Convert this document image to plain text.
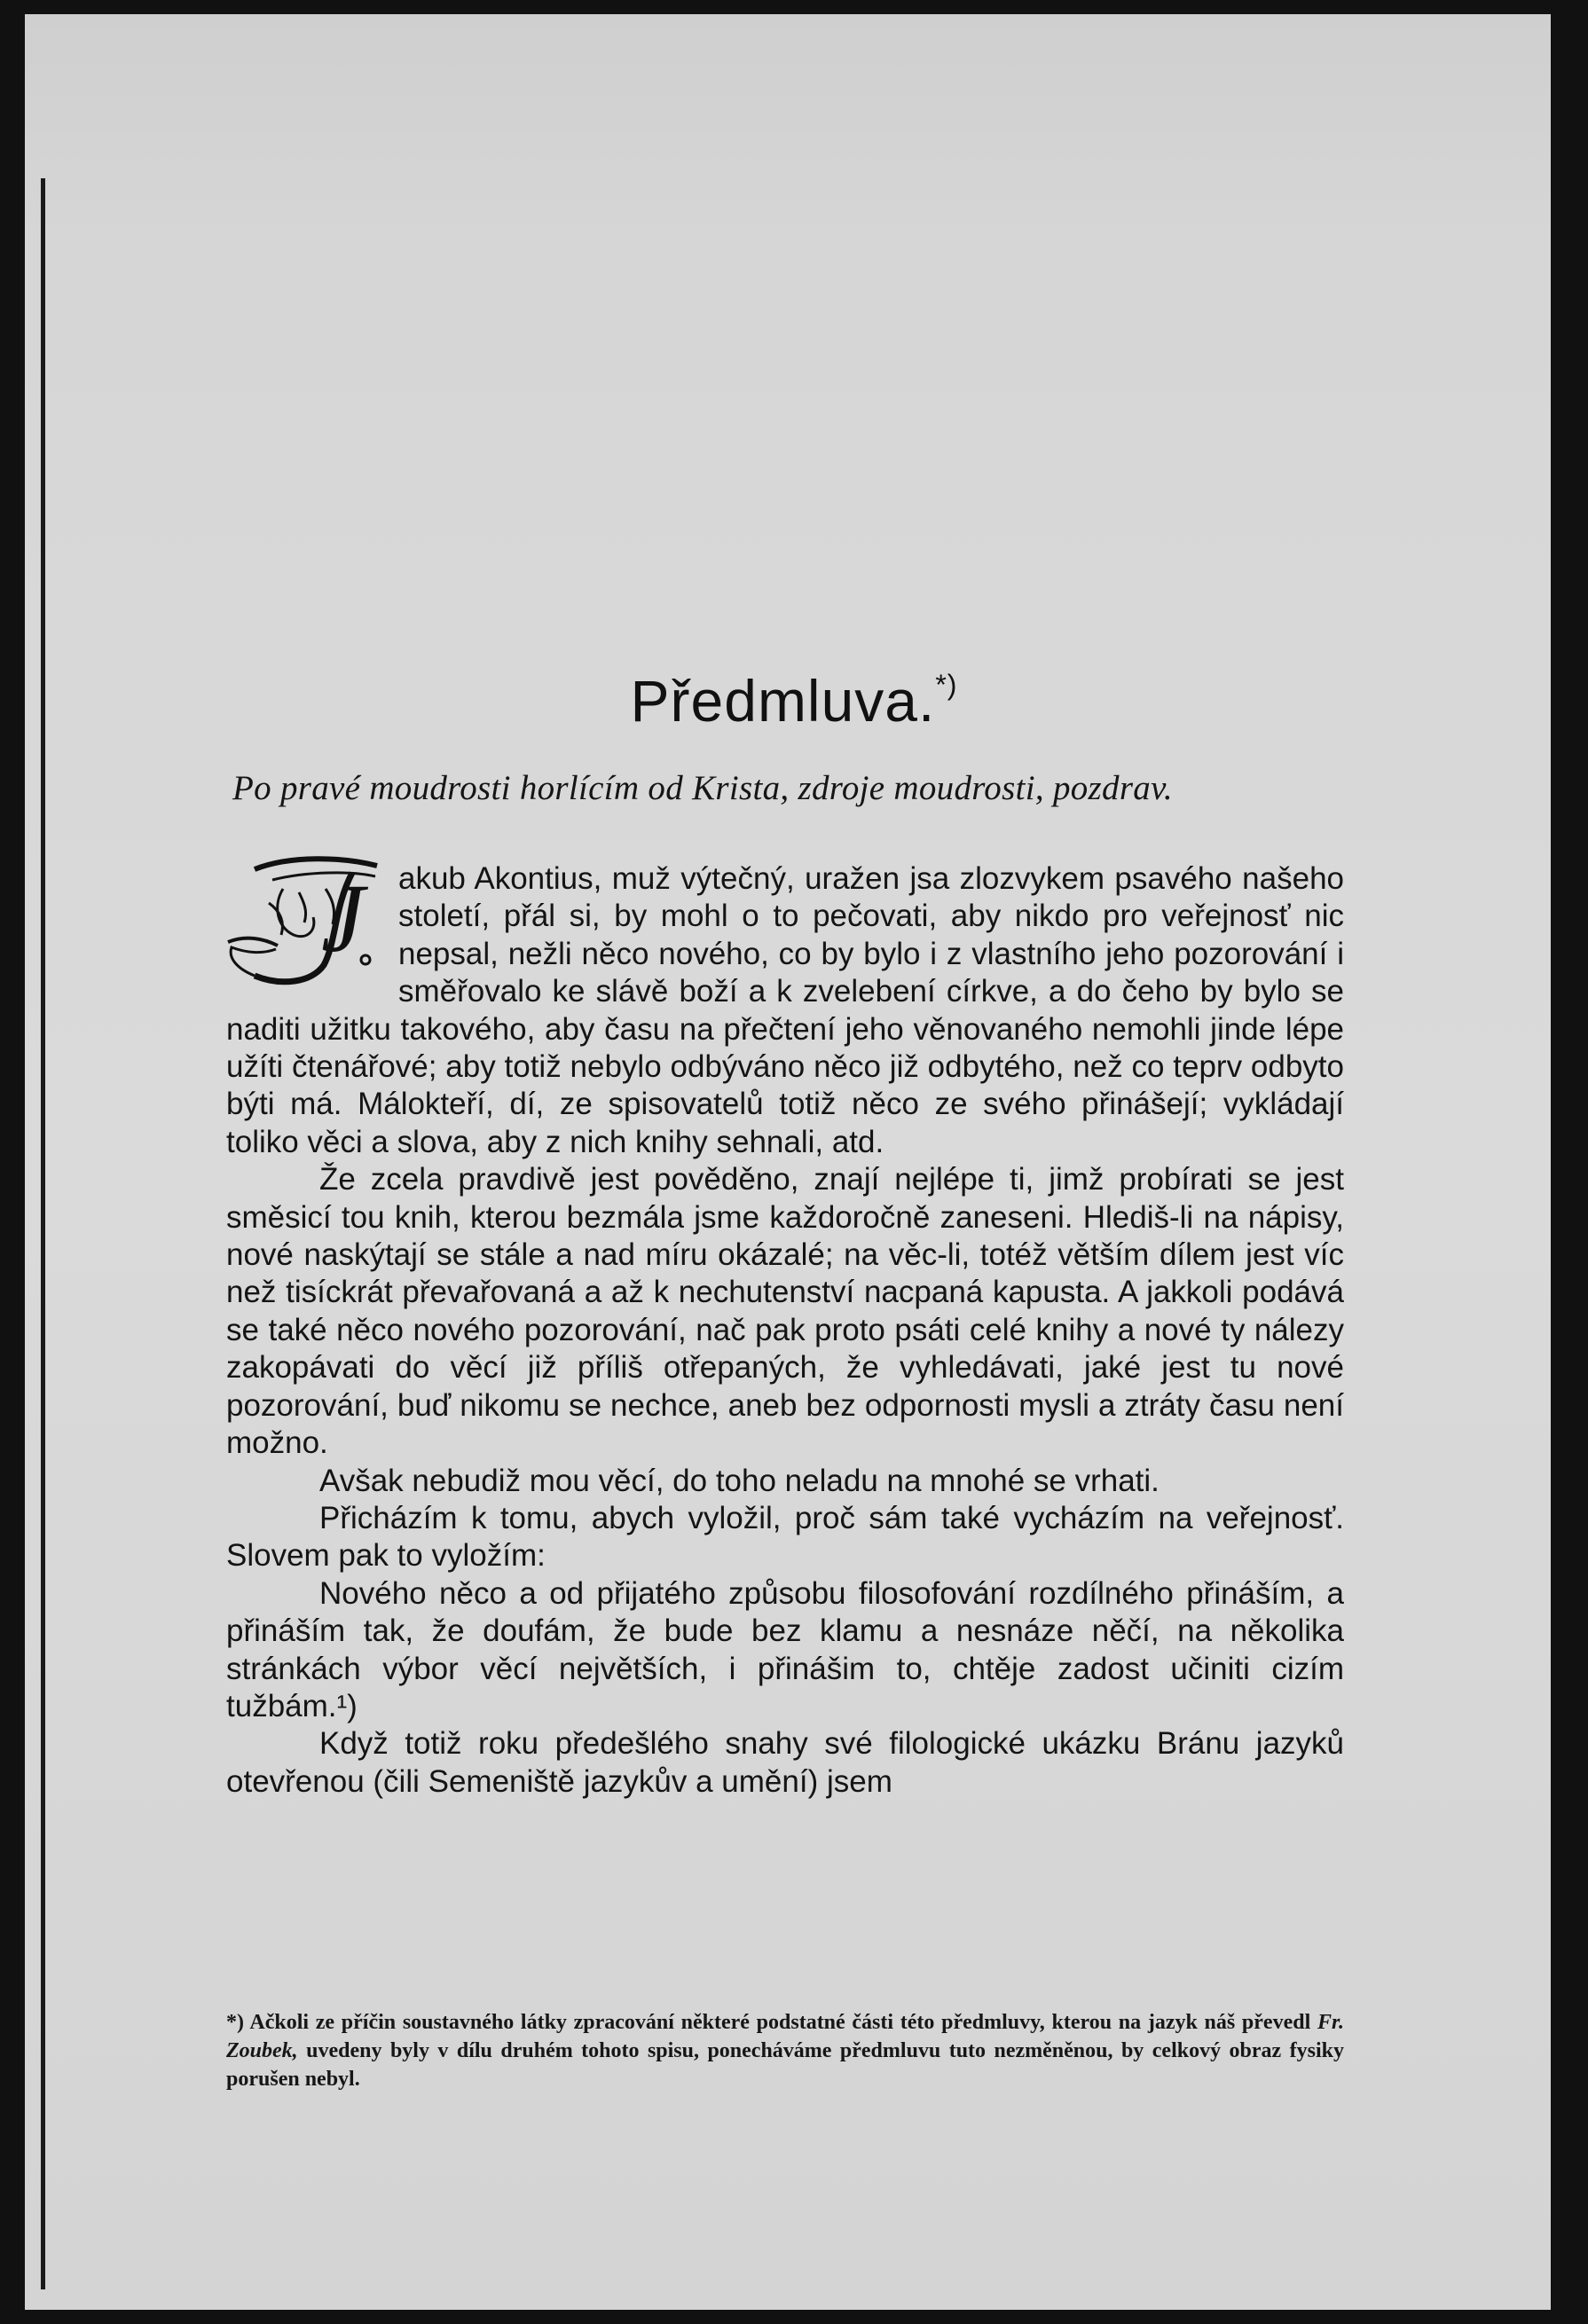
Předmluva.*)
Po pravé moudrosti horlícím od Krista, zdroje moudrosti, pozdrav.

J akub Akontius, muž výtečný, uražen jsa zlozvykem psavého našeho století, přál si, by mohl o to pečovati, aby nikdo pro veřejnosť nic nepsal, nežli něco nového, co by bylo i z vlastního jeho pozorování i směřovalo ke slávě boží a k zvelebení církve, a do čeho by bylo se naditi užitku takového, aby času na přečtení jeho věnovaného nemohli jinde lépe užíti čtenářové; aby totiž nebylo odbýváno něco již odbytého, než co teprv odbyto býti má. Málokteří, dí, ze spisovatelů totiž něco ze svého přinášejí; vykládají toliko věci a slova, aby z nich knihy sehnali, atd.

Že zcela pravdivě jest pověděno, znají nejlépe ti, jimž probírati se jest směsicí tou knih, kterou bezmála jsme každoročně zaneseni. Hlediš-li na nápisy, nové naskýtají se stále a nad míru okázalé; na věc-li, totéž větším dílem jest víc než tisíckrát převařovaná a až k nechutenství nacpaná kapusta. A jakkoli podává se také něco nového pozorování, nač pak proto psáti celé knihy a nové ty nálezy zakopávati do věcí již příliš otřepaných, že vyhledávati, jaké jest tu nové pozorování, buď nikomu se nechce, aneb bez odpornosti mysli a ztráty času není možno.

Avšak nebudiž mou věcí, do toho neladu na mnohé se vrhati.

Přicházím k tomu, abych vyložil, proč sám také vycházím na veřejnosť. Slovem pak to vyložím:

Nového něco a od přijatého způsobu filosofování rozdílného přináším, a přináším tak, že doufám, že bude bez klamu a nesnáze něčí, na několika stránkách výbor věcí největších, i přinášim to, chtěje zadost učiniti cizím tužbám.¹)

Když totiž roku předešlého snahy své filologické ukázku Bránu jazyků otevřenou (čili Semeniště jazykův a umění) jsem

*) Ačkoli ze příčin soustavného látky zpracování některé podstatné části této předmluvy, kterou na jazyk náš převedl Fr. Zoubek, uvedeny byly v dílu druhém tohoto spisu, ponecháváme předmluvu tuto nezměněnou, by celkový obraz fysiky porušen nebyl.
